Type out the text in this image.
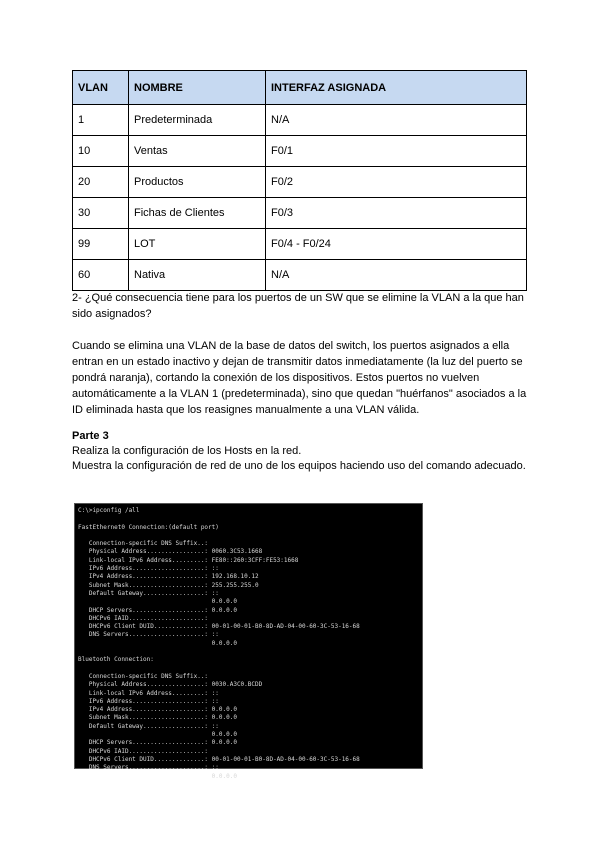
VLAN	NOMBRE	INTERFAZ ASIGNADA
1	Predeterminada	N/A
10	Ventas	F0/1
20	Productos	F0/2
30	Fichas de Clientes	F0/3
99	LOT	F0/4 - F0/24
60	Nativa	N/A
2- ¿Qué consecuencia tiene para los puertos de un SW que se elimine la VLAN a la que han sido asignados?
Cuando se elimina una VLAN de la base de datos del switch, los puertos asignados a ella entran en un estado inactivo y dejan de transmitir datos inmediatamente (la luz del puerto se pondrá naranja), cortando la conexión de los dispositivos. Estos puertos no vuelven automáticamente a la VLAN 1 (predeterminada), sino que quedan "huérfanos" asociados a la ID eliminada hasta que los reasignes manualmente a una VLAN válida.
Parte 3
Realiza la configuración de los Hosts en la red.
Muestra la configuración de red de uno de los equipos haciendo uso del comando adecuado.
C:\>ipconfig /all
FastEthernet0 Connection:(default port)
Connection-specific DNS Suffix..:
Physical Address................: 0060.3C53.1668
Link-local IPv6 Address.........: FE80::260:3CFF:FE53:1668
IPv6 Address....................: ::
IPv4 Address....................: 192.168.10.12
Subnet Mask.....................: 255.255.255.0
Default Gateway.................: ::
0.0.0.0
DHCP Servers....................: 0.0.0.0
DHCPv6 IAID.....................:
DHCPv6 Client DUID..............: 00-01-00-01-B0-8D-AD-04-00-60-3C-53-16-68
DNS Servers.....................: ::
0.0.0.0
Bluetooth Connection:
Connection-specific DNS Suffix..:
Physical Address................: 0030.A3C0.BCDD
Link-local IPv6 Address.........: ::
IPv6 Address....................: ::
IPv4 Address....................: 0.0.0.0
Subnet Mask.....................: 0.0.0.0
Default Gateway.................: ::
0.0.0.0
DHCP Servers....................: 0.0.0.0
DHCPv6 IAID.....................:
DHCPv6 Client DUID..............: 00-01-00-01-B0-8D-AD-04-00-60-3C-53-16-68
DNS Servers.....................: ::
0.0.0.0
